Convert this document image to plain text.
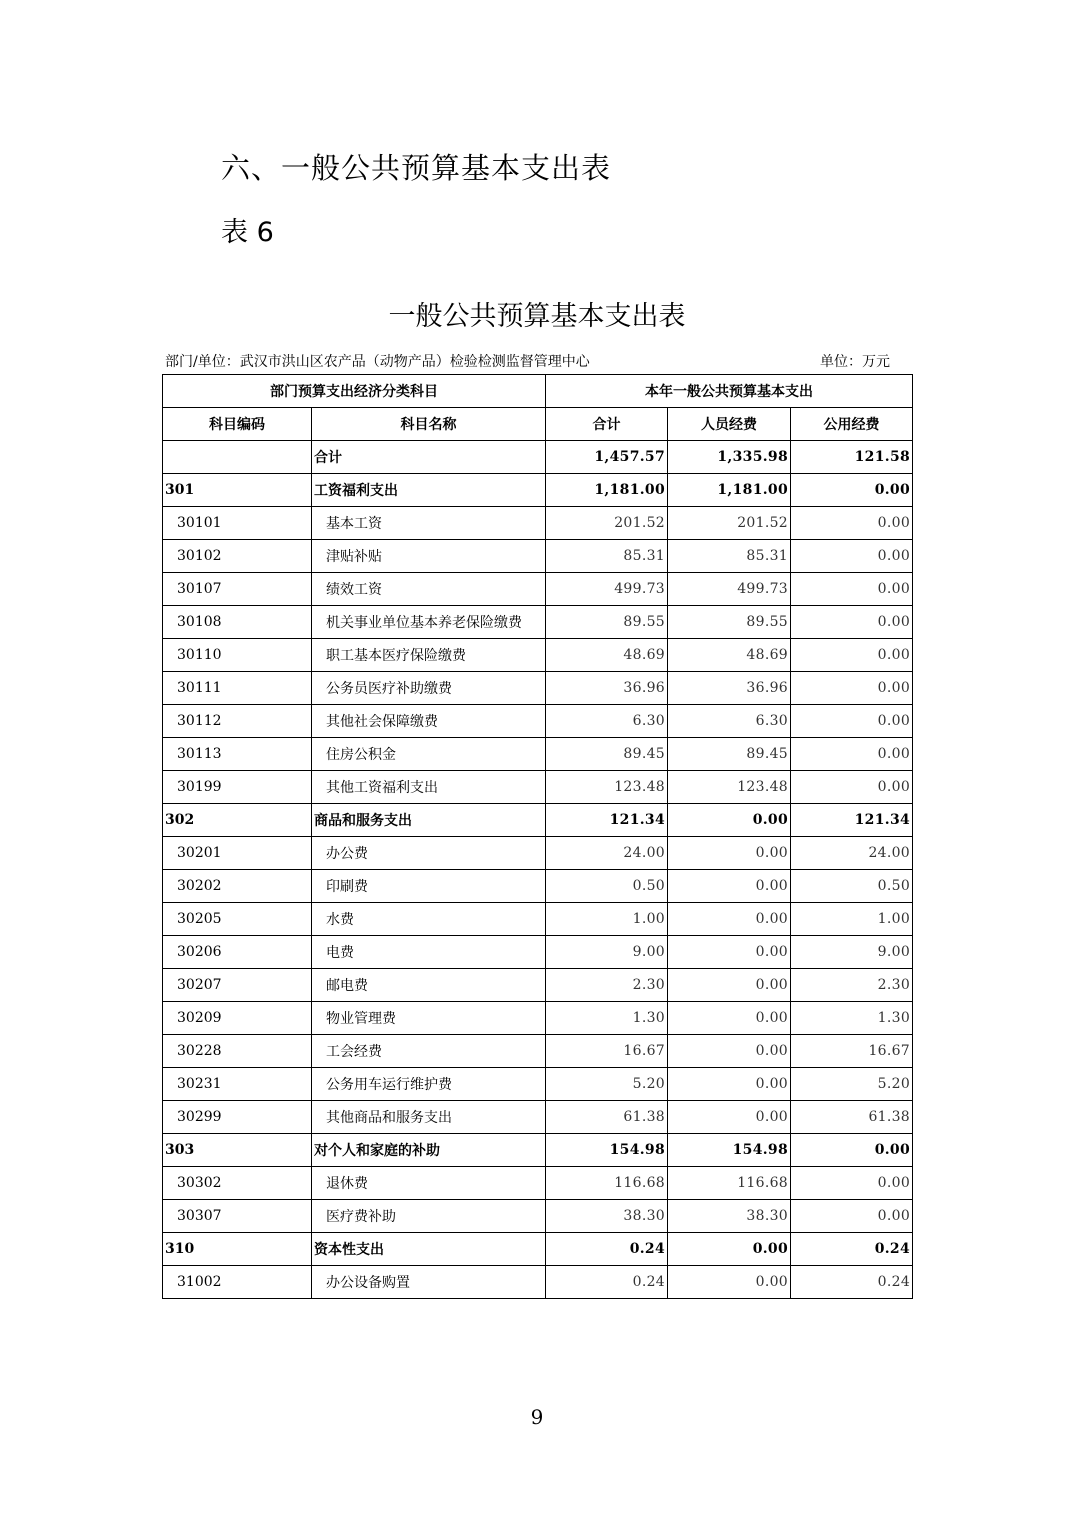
六、一般公共预算基本支出表
表 6
一般公共预算基本支出表
部门/单位：武汉市洪山区农产品（动物产品）检验检测监督管理中心	单位：万元
部门预算支出经济分类科目		本年一般公共预算基本支出		
科目编码	科目名称	合计	人员经费	公用经费
	合计	1,457.57	1,335.98	121.58
301	工资福利支出	1,181.00	1,181.00	0.00
30101	基本工资	201.52	201.52	0.00
30102	津贴补贴	85.31	85.31	0.00
30107	绩效工资	499.73	499.73	0.00
30108	机关事业单位基本养老保险缴费	89.55	89.55	0.00
30110	职工基本医疗保险缴费	48.69	48.69	0.00
30111	公务员医疗补助缴费	36.96	36.96	0.00
30112	其他社会保障缴费	6.30	6.30	0.00
30113	住房公积金	89.45	89.45	0.00
30199	其他工资福利支出	123.48	123.48	0.00
302	商品和服务支出	121.34	0.00	121.34
30201	办公费	24.00	0.00	24.00
30202	印刷费	0.50	0.00	0.50
30205	水费	1.00	0.00	1.00
30206	电费	9.00	0.00	9.00
30207	邮电费	2.30	0.00	2.30
30209	物业管理费	1.30	0.00	1.30
30228	工会经费	16.67	0.00	16.67
30231	公务用车运行维护费	5.20	0.00	5.20
30299	其他商品和服务支出	61.38	0.00	61.38
303	对个人和家庭的补助	154.98	154.98	0.00
30302	退休费	116.68	116.68	0.00
30307	医疗费补助	38.30	38.30	0.00
310	资本性支出	0.24	0.00	0.24
31002	办公设备购置	0.24	0.00	0.24
9
